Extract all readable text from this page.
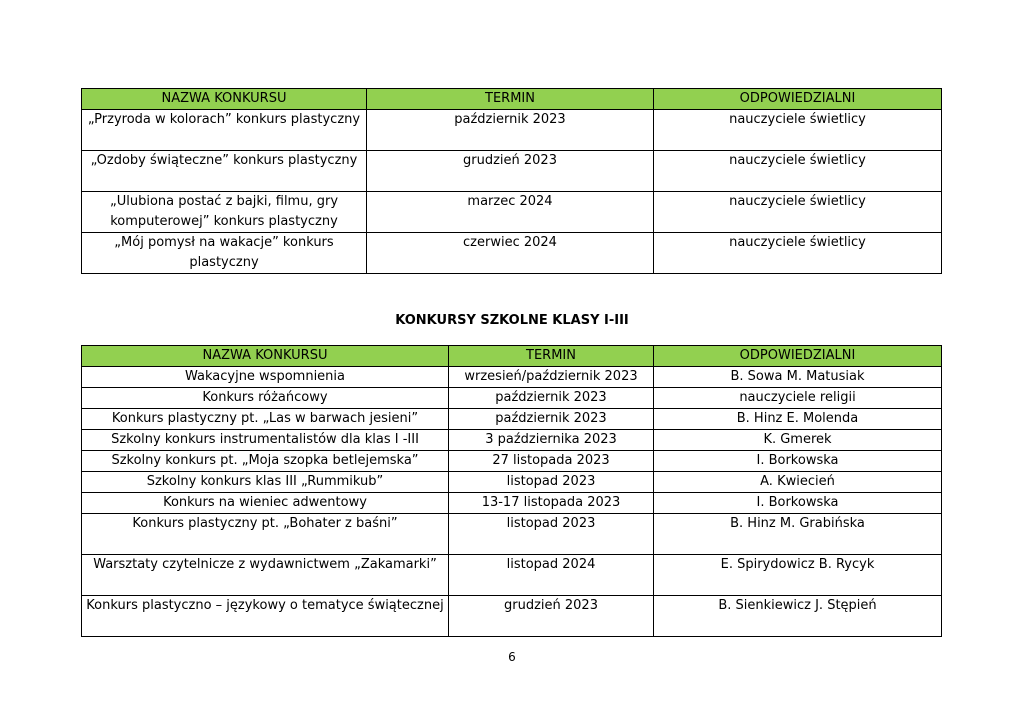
NAZWA KONKURSU	TERMIN	ODPOWIEDZIALNI
„Przyroda w kolorach” konkurs plastyczny	październik 2023	nauczyciele świetlicy
„Ozdoby świąteczne” konkurs plastyczny	grudzień 2023	nauczyciele świetlicy
„Ulubiona postać z bajki, filmu, gry komputerowej” konkurs plastyczny	marzec 2024	nauczyciele świetlicy
„Mój pomysł na wakacje” konkurs plastyczny	czerwiec 2024	nauczyciele świetlicy
KONKURSY SZKOLNE KLASY I-III
NAZWA KONKURSU	TERMIN	ODPOWIEDZIALNI
Wakacyjne wspomnienia	wrzesień/październik 2023	B. Sowa M. Matusiak
Konkurs różańcowy	październik 2023	nauczyciele religii
Konkurs plastyczny pt. „Las w barwach jesieni”	październik 2023	B. Hinz E. Molenda
Szkolny konkurs instrumentalistów dla klas I -III	3 października 2023	K. Gmerek
Szkolny konkurs pt. „Moja szopka betlejemska”	27 listopada 2023	I. Borkowska
Szkolny konkurs klas III „Rummikub”	listopad 2023	A. Kwiecień
Konkurs na wieniec adwentowy	13-17 listopada 2023	I. Borkowska
Konkurs plastyczny pt. „Bohater z baśni”	listopad 2023	B. Hinz M. Grabińska
Warsztaty czytelnicze z wydawnictwem „Zakamarki”	listopad 2024	E. Spirydowicz B. Rycyk
Konkurs plastyczno – językowy o tematyce świątecznej	grudzień 2023	B. Sienkiewicz J. Stępień
6
